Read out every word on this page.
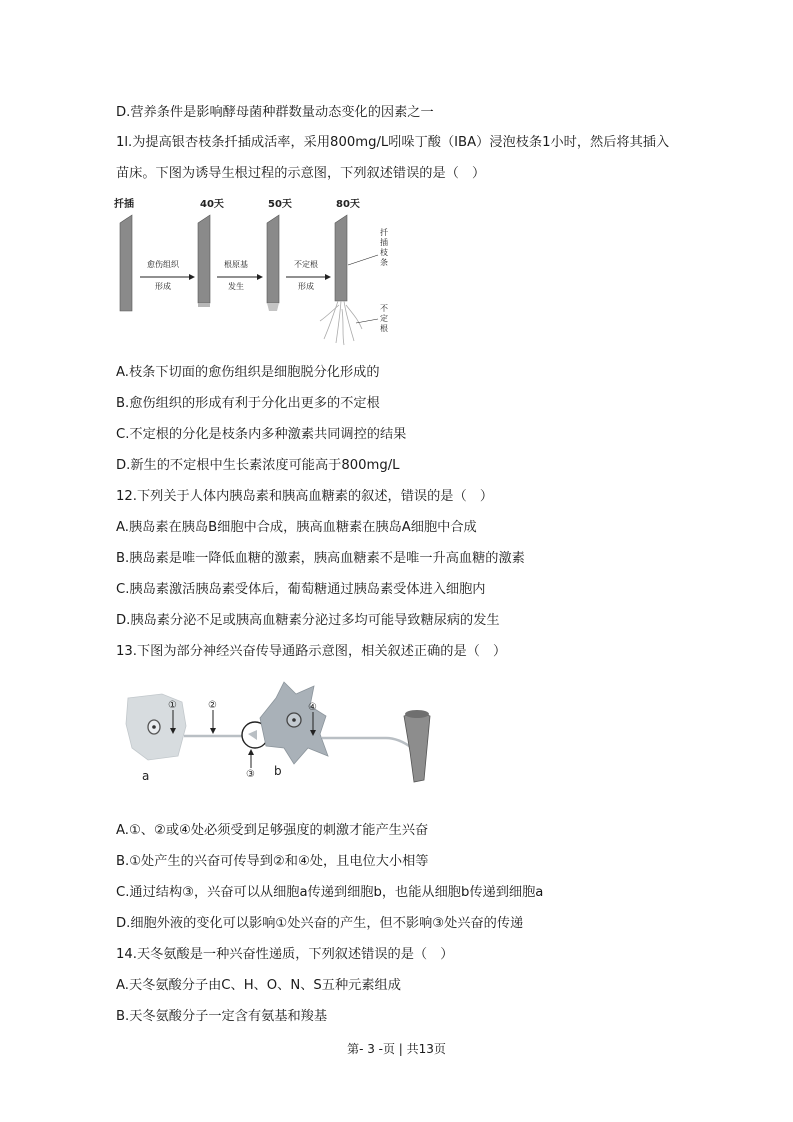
D.营养条件是影响酵母菌种群数量动态变化的因素之一
1l.为提高银杏枝条扦插成活率，采用800mg/L吲哚丁酸（IBA）浸泡枝条1小时，然后将其插入
苗床。下图为诱导生根过程的示意图，下列叙述错误的是（　）
扦插	40天	50天	80天
愈伤组织
形成
根原基
发生
不定根
形成
扦
插
枝
条
不
定
根
A.枝条下切面的愈伤组织是细胞脱分化形成的
B.愈伤组织的形成有利于分化出更多的不定根
C.不定根的分化是枝条内多种激素共同调控的结果
D.新生的不定根中生长素浓度可能高于800mg/L
12.下列关于人体内胰岛素和胰高血糖素的叙述，错误的是（　）
A.胰岛素在胰岛B细胞中合成，胰高血糖素在胰岛A细胞中合成
B.胰岛素是唯一降低血糖的激素，胰高血糖素不是唯一升高血糖的激素
C.胰岛素激活胰岛素受体后，葡萄糖通过胰岛素受体进入细胞内
D.胰岛素分泌不足或胰高血糖素分泌过多均可能导致糖尿病的发生
13.下图为部分神经兴奋传导通路示意图，相关叙述正确的是（　）
a	b
①	②
③
④
A.①、②或④处必须受到足够强度的刺激才能产生兴奋
B.①处产生的兴奋可传导到②和④处，且电位大小相等
C.通过结构③，兴奋可以从细胞a传递到细胞b，也能从细胞b传递到细胞a
D.细胞外液的变化可以影响①处兴奋的产生，但不影响③处兴奋的传递
14.天冬氨酸是一种兴奋性递质，下列叙述错误的是（　）
A.天冬氨酸分子由C、H、O、N、S五种元素组成
B.天冬氨酸分子一定含有氨基和羧基
第- 3 -页 | 共13页
